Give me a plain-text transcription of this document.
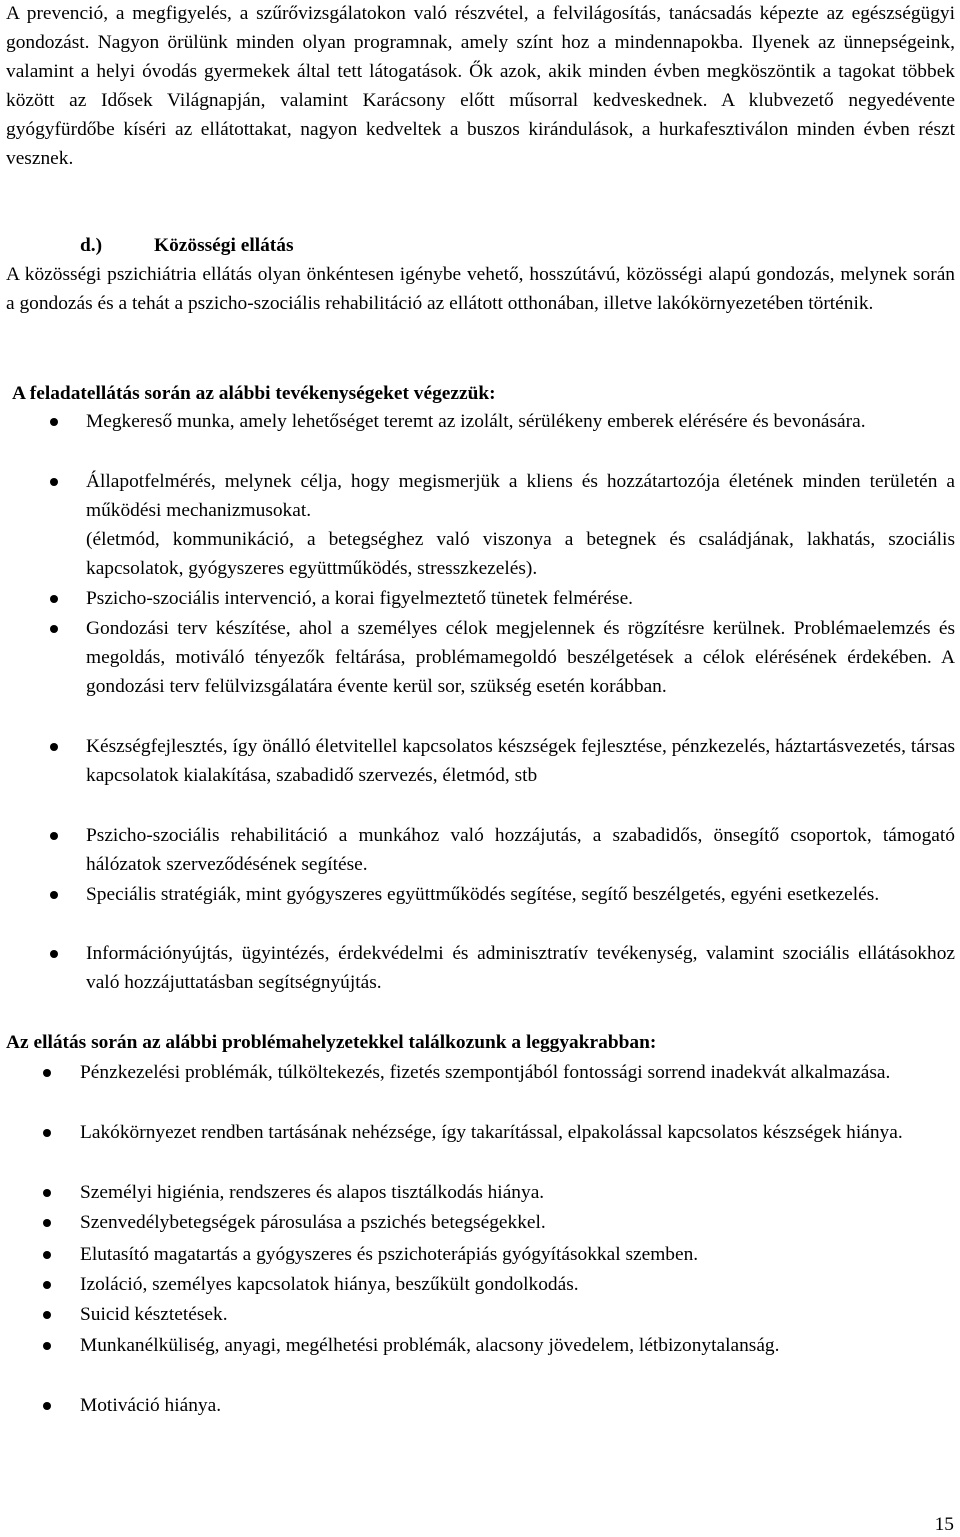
A prevenció, a megfigyelés, a szűrővizsgálatokon való részvétel, a felvilágosítás, tanácsadás képezte az egészségügyi gondozást. Nagyon örülünk minden olyan programnak, amely színt hoz a mindennapokba. Ilyenek az ünnepségeink, valamint a helyi óvodás gyermekek által tett látogatások. Ők azok, akik minden évben megköszöntik a tagokat többek között az Idősek Világnapján, valamint Karácsony előtt műsorral kedveskednek. A klubvezető negyedévente gyógyfürdőbe kíséri az ellátottakat, nagyon kedveltek a buszos kirándulások, a hurkafesztiválon minden évben részt vesznek.

d.)	Közösségi ellátás

A közösségi pszichiátria ellátás olyan önkéntesen igénybe vehető, hosszútávú, közösségi alapú gondozás, melynek során a gondozás és a tehát a pszicho-szociális rehabilitáció az ellátott otthonában, illetve lakókörnyezetében történik.

A feladatellátás során az alábbi tevékenységeket végezzük:

Megkereső munka, amely lehetőséget teremt az izolált, sérülékeny emberek elérésére és bevonására.
Állapotfelmérés, melynek célja, hogy megismerjük a kliens és hozzátartozója életének minden területén a működési mechanizmusokat.
(életmód, kommunikáció, a betegséghez való viszonya a betegnek és családjának, lakhatás, szociális kapcsolatok, gyógyszeres együttműködés, stresszkezelés).
Pszicho-szociális intervenció, a korai figyelmeztető tünetek felmérése.
Gondozási terv készítése, ahol a személyes célok megjelennek és rögzítésre kerülnek. Problémaelemzés és megoldás, motiváló tényezők feltárása, problémamegoldó beszélgetések a célok elérésének érdekében. A gondozási terv felülvizsgálatára évente kerül sor, szükség esetén korábban.
Készségfejlesztés, így önálló életvitellel kapcsolatos készségek fejlesztése, pénzkezelés, háztartásvezetés, társas kapcsolatok kialakítása, szabadidő szervezés, életmód, stb
Pszicho-szociális rehabilitáció a munkához való hozzájutás, a szabadidős, önsegítő csoportok, támogató hálózatok szerveződésének segítése.
Speciális stratégiák, mint gyógyszeres együttműködés segítése, segítő beszélgetés, egyéni esetkezelés.
Információnyújtás, ügyintézés, érdekvédelmi és adminisztratív tevékenység, valamint szociális ellátásokhoz való hozzájuttatásban segítségnyújtás.

Az ellátás során az alábbi problémahelyzetekkel találkozunk a leggyakrabban:

Pénzkezelési problémák, túlköltekezés, fizetés szempontjából fontossági sorrend inadekvát alkalmazása.
Lakókörnyezet rendben tartásának nehézsége, így takarítással, elpakolással kapcsolatos készségek hiánya.
Személyi higiénia, rendszeres és alapos tisztálkodás hiánya.
Szenvedélybetegségek párosulása a pszichés betegségekkel.
Elutasító magatartás a gyógyszeres és pszichoterápiás gyógyításokkal szemben.
Izoláció, személyes kapcsolatok hiánya, beszűkült gondolkodás.
Suicid késztetések.
Munkanélküliség, anyagi, megélhetési problémák, alacsony jövedelem, létbizonytalanság.
Motiváció hiánya.

15
